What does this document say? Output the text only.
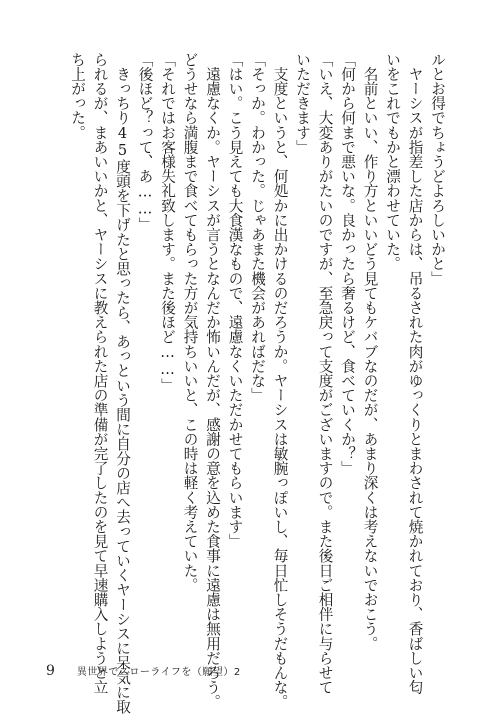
ルとお得でちょうどよろしいかと」
　ヤーシスが指差した店からは、吊るされた肉がゆっくりとまわされて焼かれており、香ばしい匂
いをこれでもかと漂わせていた。
　名前といい、作り方といいどう見てもケバブなのだが、あまり深くは考えないでおこう。
「何から何まで悪いな。良かったら奢るけど、食べていくか？」
「いえ、大変ありがたいのですが、至急戻って支度がございますので。また後日ご相伴に与らせて
いただきます」
　支度というと、何処かに出かけるのだろうか。ヤーシスは敏腕っぽいし、毎日忙しそうだもんな。
「そっか。わかった。じゃあまた機会があればだな」
「はい。こう見えても大食漢なもので、遠慮なくいただかせてもらいます」
　遠慮なくか。ヤーシスが言うとなんだか怖いんだが、感謝の意を込めた食事に遠慮は無用だろう。
どうせなら満腹まで食べてもらった方が気持ちいいと、この時は軽く考えていた。
「それではお客様失礼致します。また後ほど……」
「後ほど？って、あ……」
　きっちり45度頭を下げたと思ったら、あっという間に自分の店へ去っていくヤーシスに呆気に取
られるが、まあいいかと、ヤーシスに教えられた店の準備が完了したのを見て早速購入しようと立
ち上がった。
9 異世界でスローライフを（願望）2
